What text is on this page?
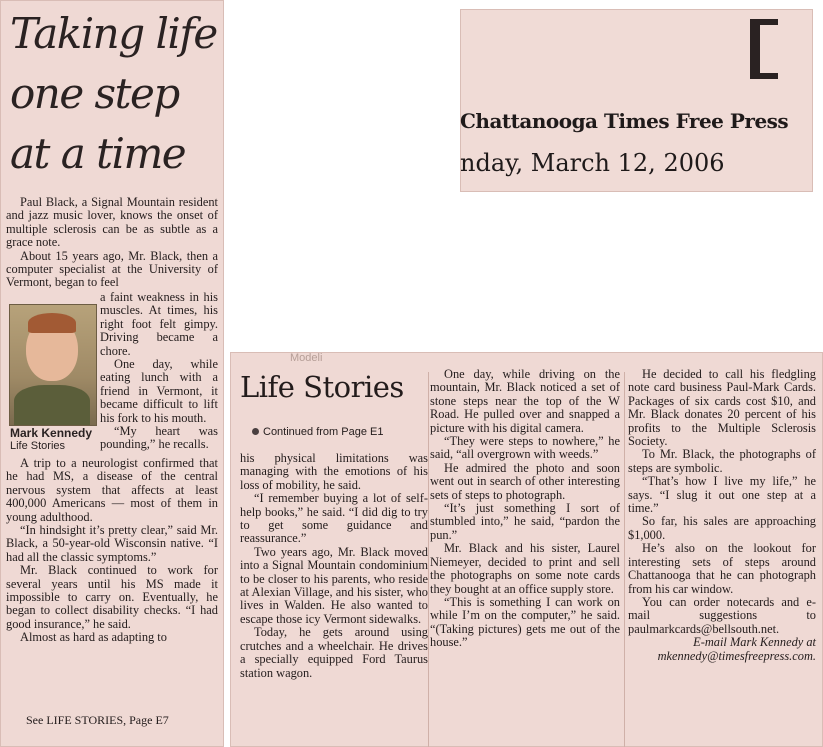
Taking life
one step
at a time

Paul Black, a Signal Mountain resident and jazz music lover, knows the onset of multiple sclerosis can be as subtle as a grace note.

About 15 years ago, Mr. Black, then a computer specialist at the University of Vermont, began to feel

a faint weakness in his muscles. At times, his right foot felt gimpy. Driving became a chore.

One day, while eating lunch with a friend in Vermont, it became difficult to lift his fork to his mouth.

“My heart was pounding,” he recalls.

Mark Kennedy
Life Stories

A trip to a neurologist confirmed that he had MS, a disease of the central nervous system that affects at least 400,000 Americans — most of them in young adulthood.

“In hindsight it’s pretty clear,” said Mr. Black, a 50-year-old Wisconsin native. “I had all the classic symptoms.”

Mr. Black continued to work for several years until his MS made it impossible to carry on. Eventually, he began to collect disability checks. “I had good insurance,” he said.

Almost as hard as adapting to

See LIFE STORIES, Page E7
Chattanooga Times Free Press
nday, March 12, 2006
Modeli
Life Stories
Continued from Page E1

his physical limitations was managing with the emotions of his loss of mobility, he said.

“I remember buying a lot of self-help books,” he said. “I did dig to try to get some guidance and reassurance.”

Two years ago, Mr. Black moved into a Signal Mountain condominium to be closer to his parents, who reside at Alexian Village, and his sister, who lives in Walden. He also wanted to escape those icy Vermont sidewalks.

Today, he gets around using crutches and a wheelchair. He drives a specially equipped Ford Taurus station wagon.

One day, while driving on the mountain, Mr. Black noticed a set of stone steps near the top of the W Road. He pulled over and snapped a picture with his digital camera.

“They were steps to nowhere,” he said, “all overgrown with weeds.”

He admired the photo and soon went out in search of other interesting sets of steps to photograph.

“It’s just something I sort of stumbled into,” he said, “pardon the pun.”

Mr. Black and his sister, Laurel Niemeyer, decided to print and sell the photographs on some note cards they bought at an office supply store.

“This is something I can work on while I’m on the computer,” he said. “(Taking pictures) gets me out of the house.”

He decided to call his fledgling note card business Paul-Mark Cards. Packages of six cards cost $10, and Mr. Black donates 20 percent of his profits to the Multiple Sclerosis Society.

To Mr. Black, the photographs of steps are symbolic.

“That’s how I live my life,” he says. “I slug it out one step at a time.”

So far, his sales are approaching $1,000.

He’s also on the lookout for interesting sets of steps around Chattanooga that he can photograph from his car window.

You can order notecards and e-mail suggestions to paulmarkcards@bellsouth.net.

E-mail Mark Kennedy at
mkennedy@timesfreepress.com.
